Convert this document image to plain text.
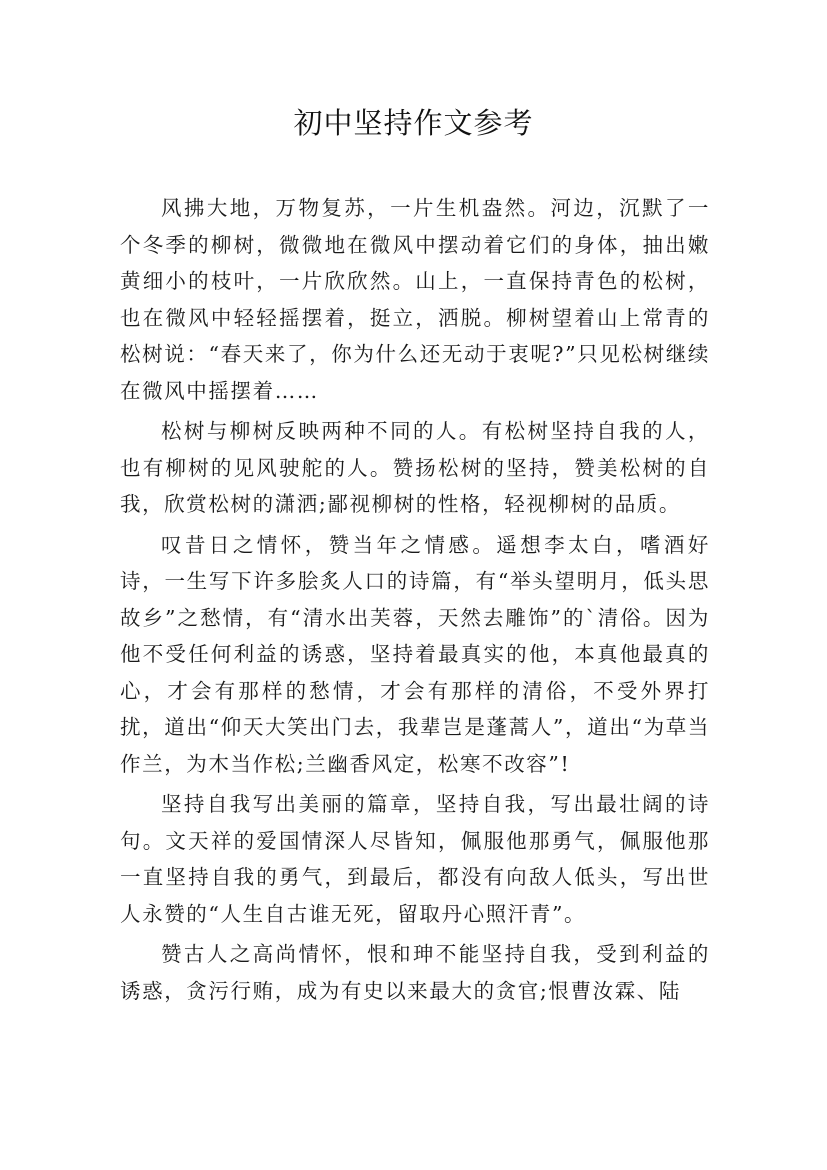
初中坚持作文参考

风拂大地，万物复苏，一片生机盎然。河边，沉默了一个冬季的柳树，微微地在微风中摆动着它们的身体，抽出嫩黄细小的枝叶，一片欣欣然。山上，一直保持青色的松树，也在微风中轻轻摇摆着，挺立，洒脱。柳树望着山上常青的松树说：“春天来了，你为什么还无动于衷呢?”只见松树继续在微风中摇摆着……

松树与柳树反映两种不同的人。有松树坚持自我的人，也有柳树的见风驶舵的人。赞扬松树的坚持，赞美松树的自我，欣赏松树的潇洒;鄙视柳树的性格，轻视柳树的品质。

叹昔日之情怀，赞当年之情感。遥想李太白，嗜酒好诗，一生写下许多脍炙人口的诗篇，有“举头望明月，低头思故乡”之愁情，有“清水出芙蓉，天然去雕饰”的`清俗。因为他不受任何利益的诱惑，坚持着最真实的他，本真他最真的心，才会有那样的愁情，才会有那样的清俗，不受外界打扰，道出“仰天大笑出门去，我辈岂是蓬蒿人”，道出“为草当作兰，为木当作松;兰幽香风定，松寒不改容”!

坚持自我写出美丽的篇章，坚持自我，写出最壮阔的诗句。文天祥的爱国情深人尽皆知，佩服他那勇气，佩服他那一直坚持自我的勇气，到最后，都没有向敌人低头，写出世人永赞的“人生自古谁无死，留取丹心照汗青”。

赞古人之高尚情怀，恨和珅不能坚持自我，受到利益的诱惑，贪污行贿，成为有史以来最大的贪官;恨曹汝霖、陆
